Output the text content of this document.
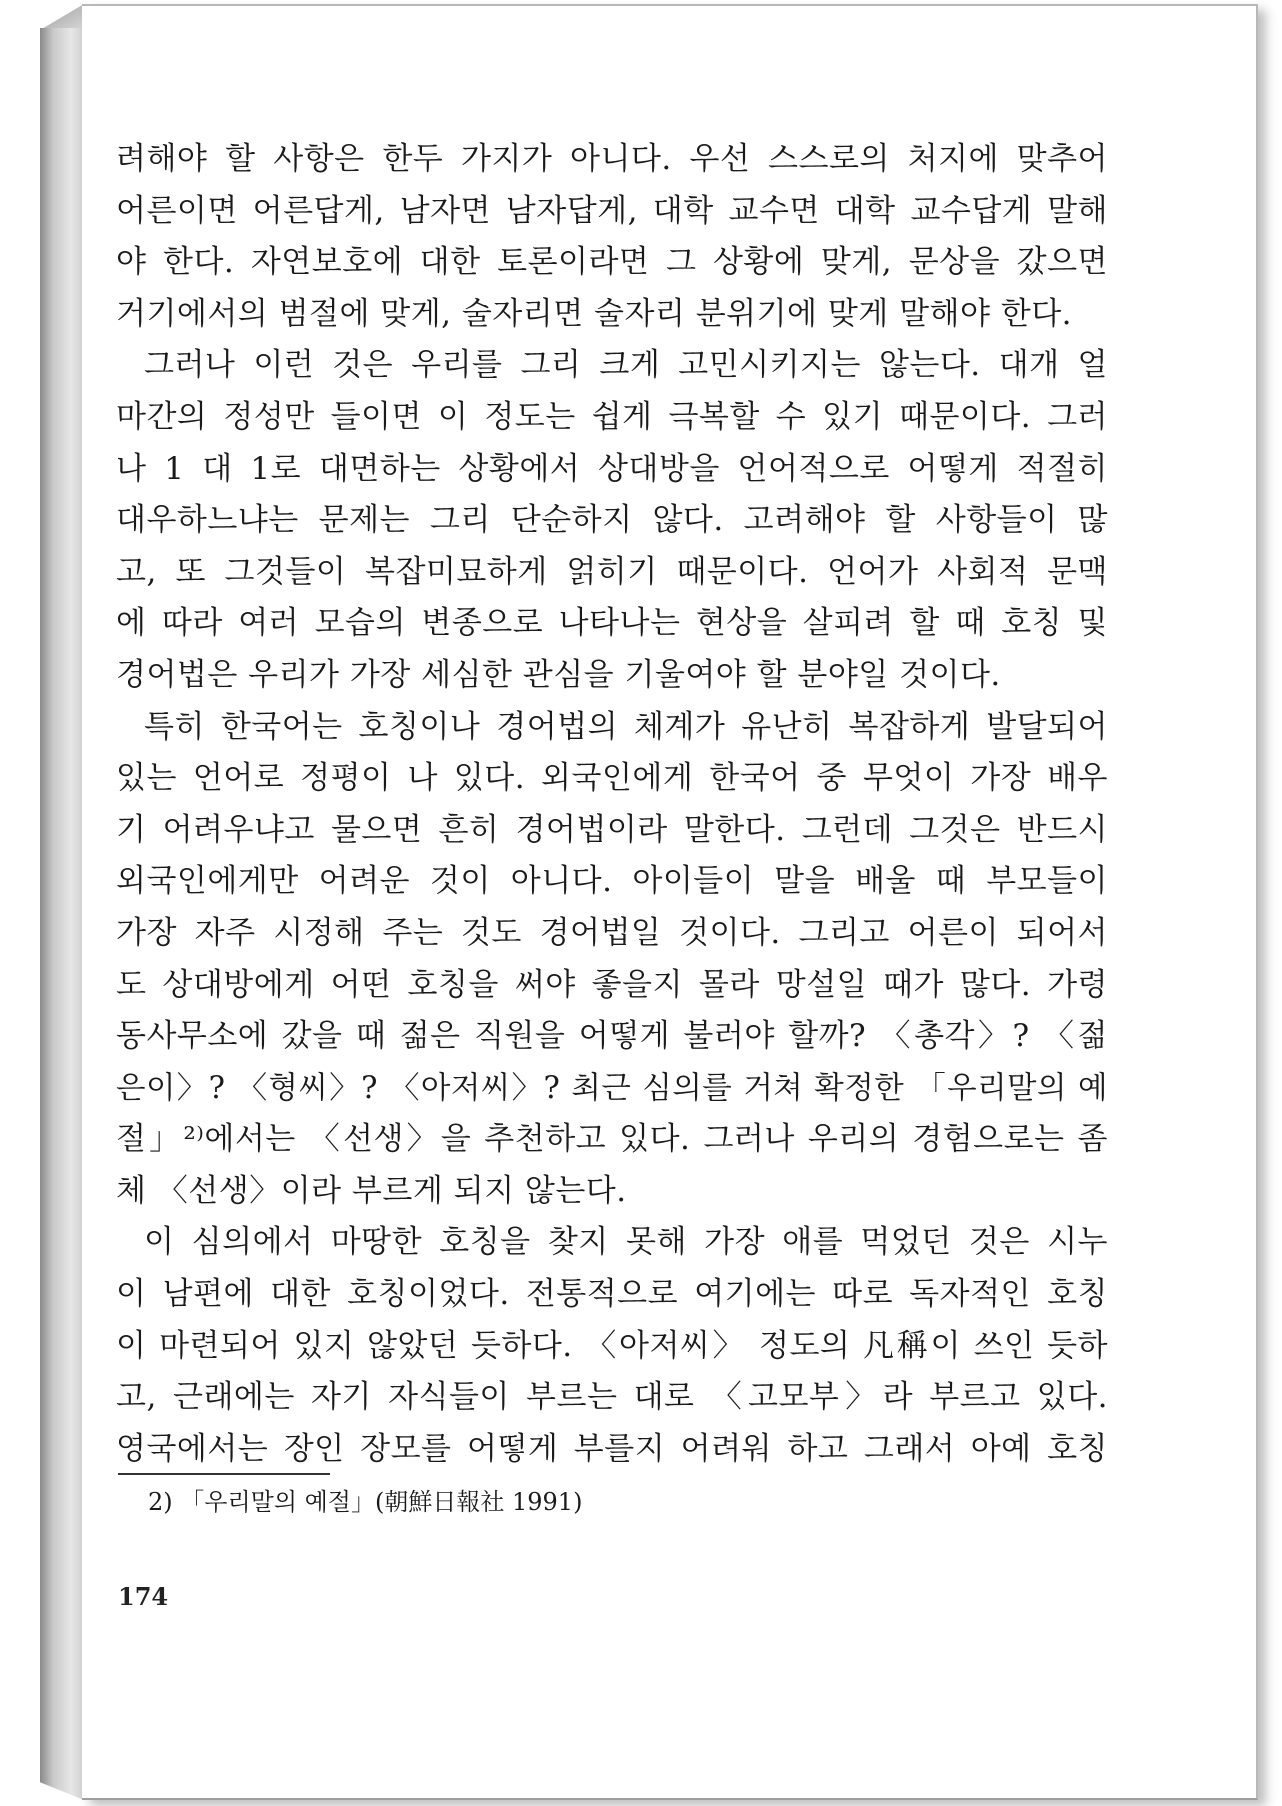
려해야 할 사항은 한두 가지가 아니다. 우선 스스로의 처지에 맞추어

어른이면 어른답게, 남자면 남자답게, 대학 교수면 대학 교수답게 말해

야 한다. 자연보호에 대한 토론이라면 그 상황에 맞게, 문상을 갔으면

거기에서의 범절에 맞게, 술자리면 술자리 분위기에 맞게 말해야 한다.

그러나 이런 것은 우리를 그리 크게 고민시키지는 않는다. 대개 얼

마간의 정성만 들이면 이 정도는 쉽게 극복할 수 있기 때문이다. 그러

나 1 대 1로 대면하는 상황에서 상대방을 언어적으로 어떻게 적절히

대우하느냐는 문제는 그리 단순하지 않다. 고려해야 할 사항들이 많

고, 또 그것들이 복잡미묘하게 얽히기 때문이다. 언어가 사회적 문맥

에 따라 여러 모습의 변종으로 나타나는 현상을 살피려 할 때 호칭 및

경어법은 우리가 가장 세심한 관심을 기울여야 할 분야일 것이다.

특히 한국어는 호칭이나 경어법의 체계가 유난히 복잡하게 발달되어

있는 언어로 정평이 나 있다. 외국인에게 한국어 중 무엇이 가장 배우

기 어려우냐고 물으면 흔히 경어법이라 말한다. 그런데 그것은 반드시

외국인에게만 어려운 것이 아니다. 아이들이 말을 배울 때 부모들이

가장 자주 시정해 주는 것도 경어법일 것이다. 그리고 어른이 되어서

도 상대방에게 어떤 호칭을 써야 좋을지 몰라 망설일 때가 많다. 가령

동사무소에 갔을 때 젊은 직원을 어떻게 불러야 할까? 〈총각〉? 〈젊

은이〉? 〈형씨〉? 〈아저씨〉? 최근 심의를 거쳐 확정한 「우리말의 예

절」²⁾에서는 〈선생〉을 추천하고 있다. 그러나 우리의 경험으로는 좀

체 〈선생〉이라 부르게 되지 않는다.

이 심의에서 마땅한 호칭을 찾지 못해 가장 애를 먹었던 것은 시누

이 남편에 대한 호칭이었다. 전통적으로 여기에는 따로 독자적인 호칭

이 마련되어 있지 않았던 듯하다. 〈아저씨〉 정도의 凡稱이 쓰인 듯하

고, 근래에는 자기 자식들이 부르는 대로 〈고모부〉라 부르고 있다.

영국에서는 장인 장모를 어떻게 부를지 어려워 하고 그래서 아예 호칭

2) 「우리말의 예절」(朝鮮日報社 1991)
174
